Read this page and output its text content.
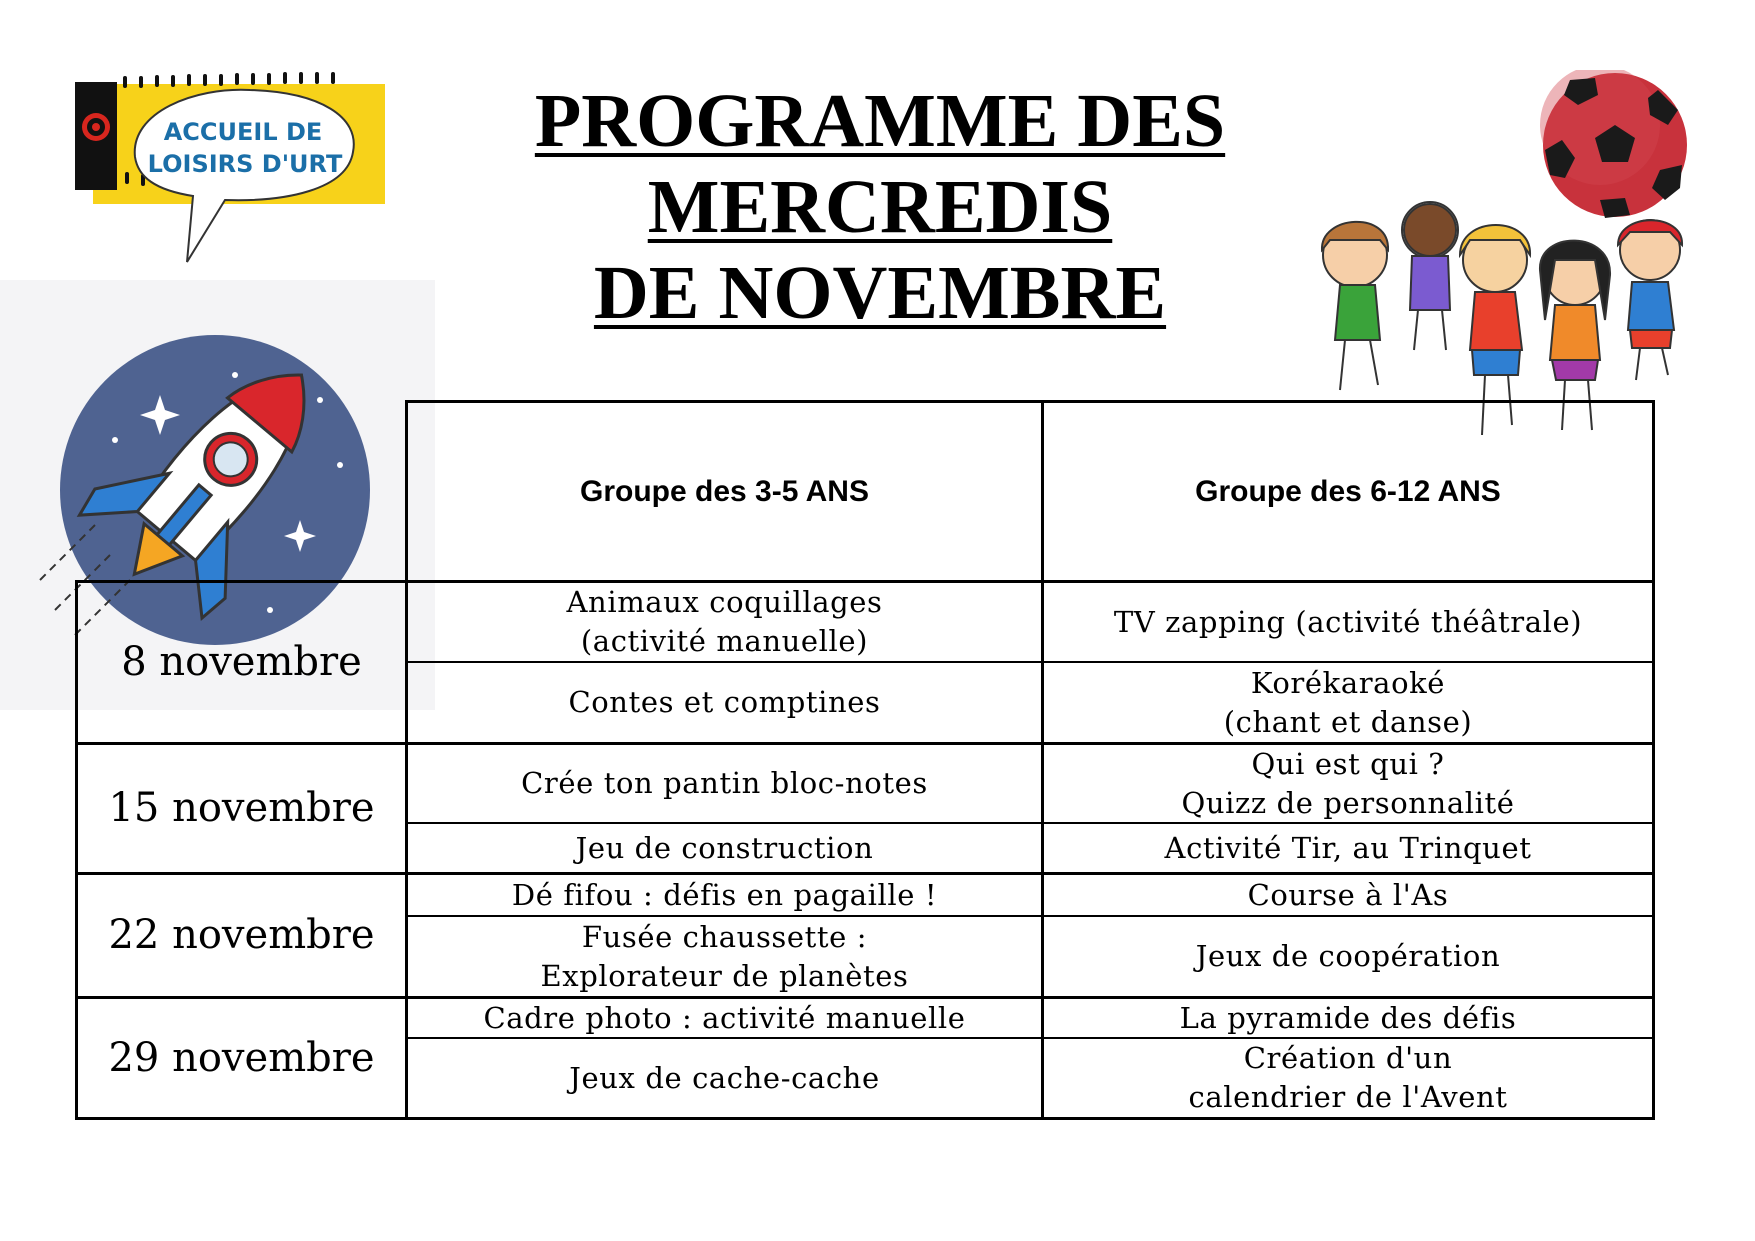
ACCUEIL DE
LOISIRS D'URT
PROGRAMME DES
MERCREDIS
DE NOVEMBRE
Groupe des 3-5 ANS	Groupe des 6-12 ANS
8 novembre
Animaux coquillages
(activité manuelle)
Contes et comptines
TV zapping (activité théâtrale)
Korékaraoké
(chant et danse)
15 novembre
Crée ton pantin bloc-notes
Jeu de construction
Qui est qui ?
Quizz de personnalité
Activité Tir, au Trinquet
22 novembre
Dé fifou : défis en pagaille !
Fusée chaussette :
Explorateur de planètes
Course à l'As
Jeux de coopération
29 novembre
Cadre photo : activité manuelle
Jeux de cache-cache
La pyramide des défis
Création d'un
calendrier de l'Avent
